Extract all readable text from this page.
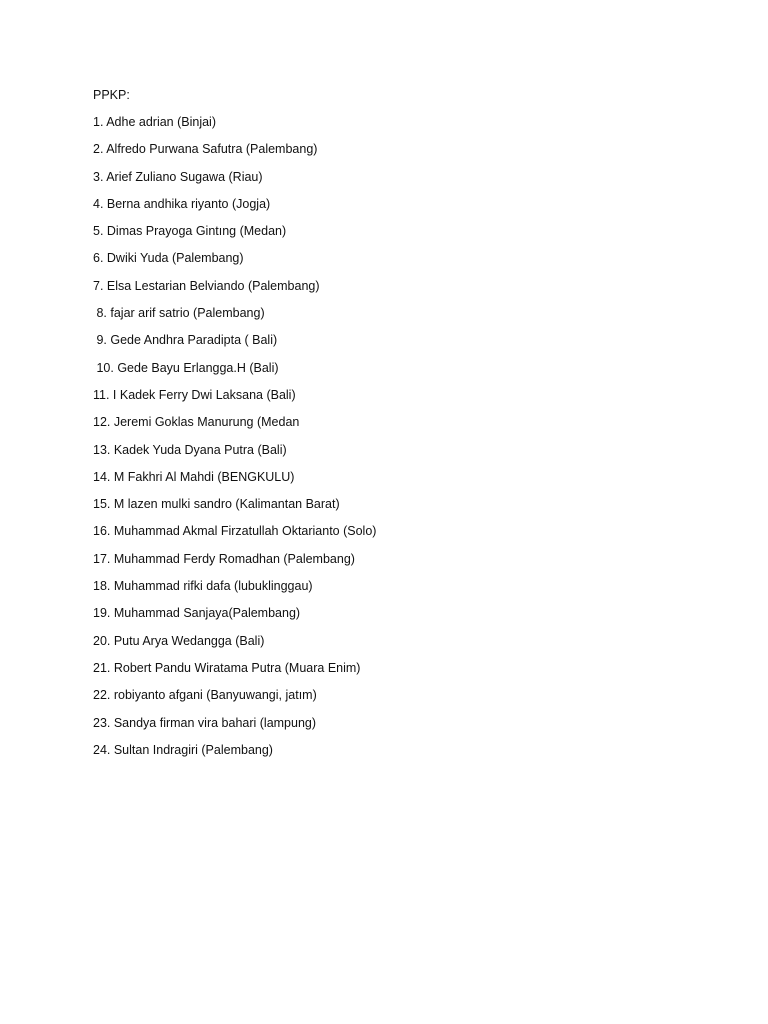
PPKP:
1. Adhe adrian (Binjai)
2. Alfredo Purwana Safutra (Palembang)
3. Arief Zuliano Sugawa (Riau)
4. Berna andhika riyanto (Jogja)
5. Dimas Prayoga Gintıng (Medan)
6. Dwiki Yuda (Palembang)
7. Elsa Lestarian Belviando (Palembang)
8. fajar arif satrio (Palembang)
9. Gede Andhra Paradipta ( Bali)
10. Gede Bayu Erlangga.H (Bali)
11. I Kadek Ferry Dwi Laksana (Bali)
12. Jeremi Goklas Manurung (Medan
13. Kadek Yuda Dyana Putra (Bali)
14. M Fakhri Al Mahdi (BENGKULU)
15. M lazen mulki sandro (Kalimantan Barat)
16. Muhammad Akmal Firzatullah Oktarianto (Solo)
17. Muhammad Ferdy Romadhan (Palembang)
18. Muhammad rifki dafa (lubuklinggau)
19. Muhammad Sanjaya(Palembang)
20. Putu Arya Wedangga (Bali)
21. Robert Pandu Wiratama Putra (Muara Enim)
22. robiyanto afgani (Banyuwangi, jatım)
23. Sandya firman vira bahari (lampung)
24. Sultan Indragiri (Palembang)
